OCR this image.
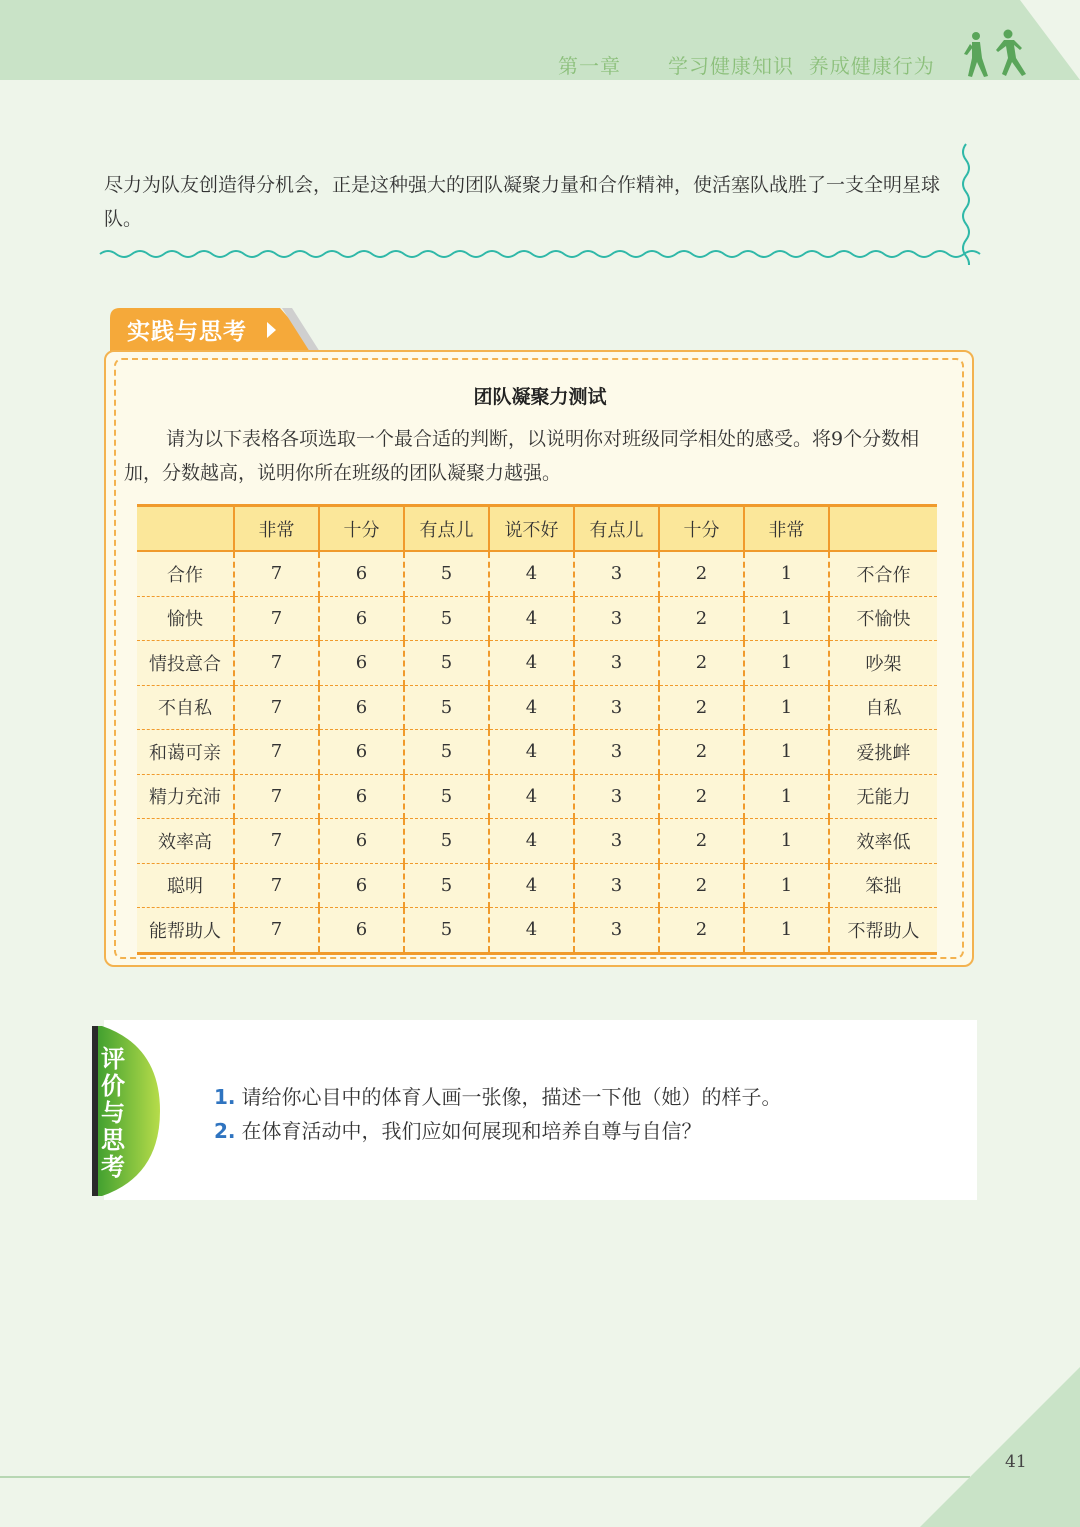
第一章 学习健康知识  养成健康行为
尽力为队友创造得分机会，正是这种强大的团队凝聚力量和合作精神，使活塞队战胜了一支全明星球队。
实践与思考
团队凝聚力测试
请为以下表格各项选取一个最合适的判断，以说明你对班级同学相处的感受。将9个分数相加，分数越高，说明你所在班级的团队凝聚力越强。
	非常	十分	有点儿	说不好	有点儿	十分	非常	
合作	7	6	5	4	3	2	1	不合作
愉快	7	6	5	4	3	2	1	不愉快
情投意合	7	6	5	4	3	2	1	吵架
不自私	7	6	5	4	3	2	1	自私
和蔼可亲	7	6	5	4	3	2	1	爱挑衅
精力充沛	7	6	5	4	3	2	1	无能力
效率高	7	6	5	4	3	2	1	效率低
聪明	7	6	5	4	3	2	1	笨拙
能帮助人	7	6	5	4	3	2	1	不帮助人
评价与思考
1. 请给你心目中的体育人画一张像，描述一下他（她）的样子。
2. 在体育活动中，我们应如何展现和培养自尊与自信？
41
